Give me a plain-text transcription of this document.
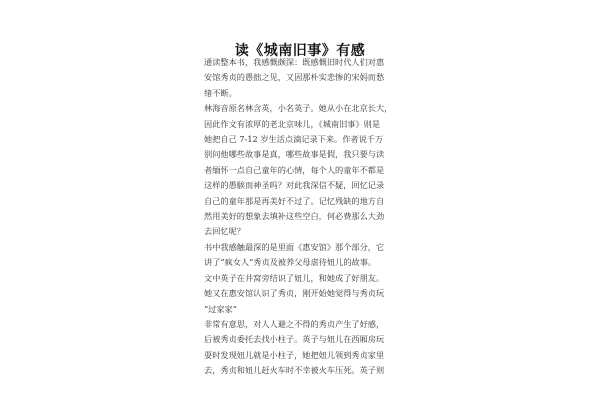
读《城南旧事》有感

通读整本书，我感慨颇深：既感慨旧时代人们对惠
安馆秀贞的愚拙之见，又因那朴实悲惨的宋妈而愁
绪不断。

林海音原名林含英，小名英子。她从小在北京长大，
因此作文有浓厚的老北京味儿，《城南旧事》则是
她把自己 7-12 岁生活点滴记录下来。作者说千万
别问他哪些故事是真，哪些故事是假，我只要与读
者缅怀一点自己童年的心情，每个人的童年不都是
这样的愚騃而神圣吗？对此我深信不疑，回忆记录
自己的童年那是再美好不过了。记忆残缺的地方自
然用美好的想象去填补这些空白，何必费那么大劲
去回忆呢？

书中我感触最深的是里面《惠安馆》那个部分，它
讲了“疯女人”秀贞及被养父母虐待妞儿的故事。
文中英子在井窝旁结识了妞儿，和她成了好朋友。
她又在惠安馆认识了秀贞，刚开始她觉得与秀贞玩
“过家家”

非常有意思，对人人避之不得的秀贞产生了好感，
后被秀贞委托去找小柱子。英子与妞儿在西厢房玩
耍时发现妞儿就是小柱子，她把妞儿领到秀贞家里
去，秀贞和妞儿赶火车时不幸被火车压死。英子则
